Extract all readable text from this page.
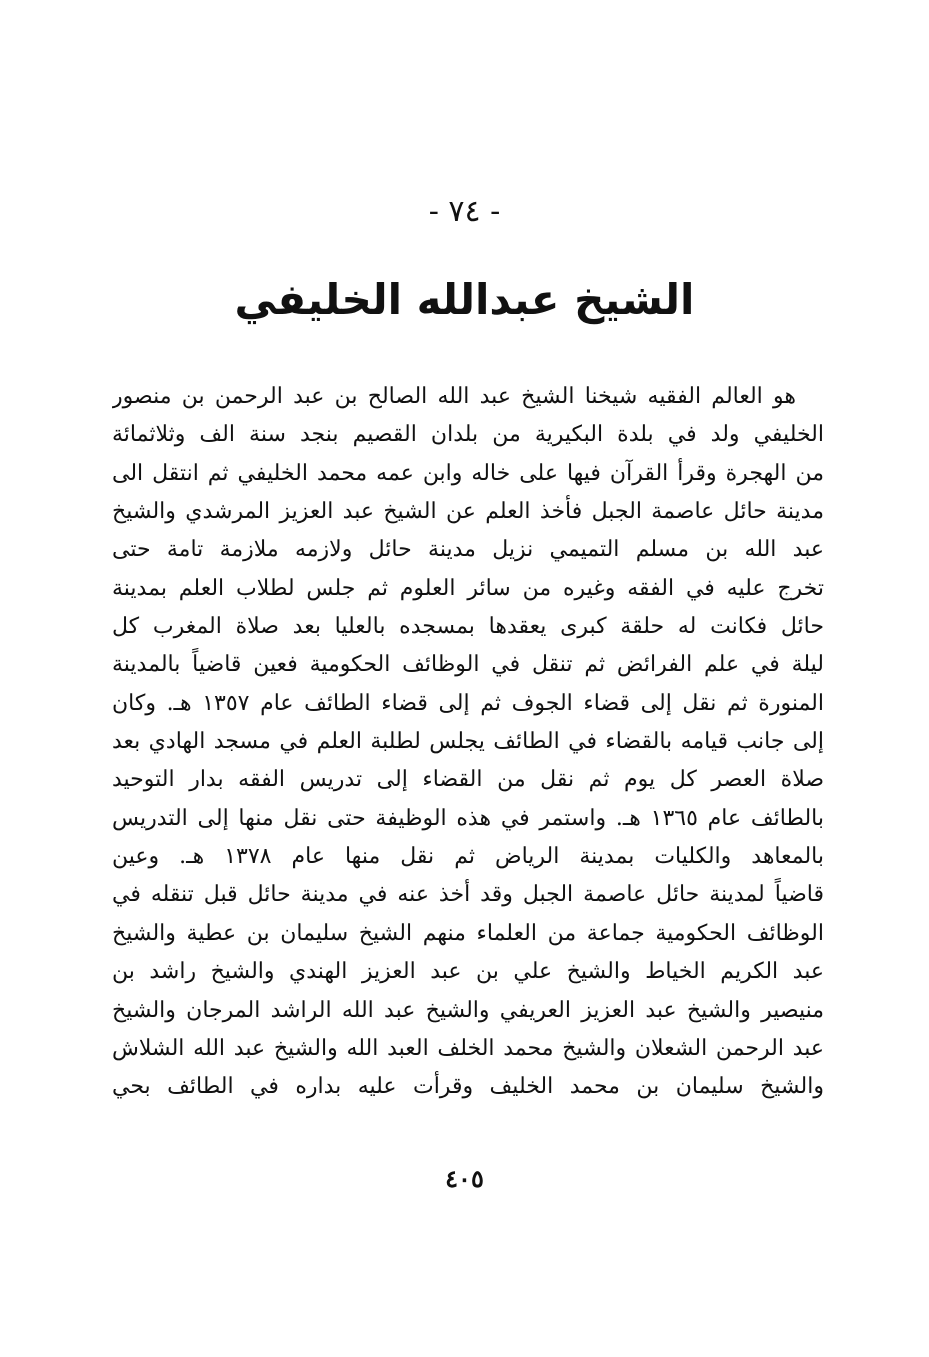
- ٧٤ -
الشيخ عبدالله الخليفي
هو العالم الفقيه شيخنا الشيخ عبد الله الصالح بن عبد الرحمن بن منصور
الخليفي ولد في بلدة البكيرية من بلدان القصيم بنجد سنة الف وثلاثمائة
من الهجرة وقرأ القرآن فيها على خاله وابن عمه محمد الخليفي ثم انتقل الى
مدينة حائل عاصمة الجبل فأخذ العلم عن الشيخ عبد العزيز المرشدي والشيخ
عبد الله بن مسلم التميمي نزيل مدينة حائل ولازمه ملازمة تامة حتى
تخرج عليه في الفقه وغيره من سائر العلوم ثم جلس لطلاب العلم بمدينة
حائل فكانت له حلقة كبرى يعقدها بمسجده بالعليا بعد صلاة المغرب كل
ليلة في علم الفرائض ثم تنقل في الوظائف الحكومية فعين قاضياً بالمدينة
المنورة ثم نقل إلى قضاء الجوف ثم إلى قضاء الطائف عام ١٣٥٧ هـ. وكان
إلى جانب قيامه بالقضاء في الطائف يجلس لطلبة العلم في مسجد الهادي بعد
صلاة العصر كل يوم ثم نقل من القضاء إلى تدريس الفقه بدار التوحيد
بالطائف عام ١٣٦٥ هـ. واستمر في هذه الوظيفة حتى نقل منها إلى التدريس
بالمعاهد والكليات بمدينة الرياض ثم نقل منها عام ١٣٧٨ هـ. وعين
قاضياً لمدينة حائل عاصمة الجبل وقد أخذ عنه في مدينة حائل قبل تنقله في
الوظائف الحكومية جماعة من العلماء منهم الشيخ سليمان بن عطية والشيخ
عبد الكريم الخياط والشيخ علي بن عبد العزيز الهندي والشيخ راشد بن
منيصير والشيخ عبد العزيز العريفي والشيخ عبد الله الراشد المرجان والشيخ
عبد الرحمن الشعلان والشيخ محمد الخلف العبد الله والشيخ عبد الله الشلاش
والشيخ سليمان بن محمد الخليف وقرأت عليه بداره في الطائف بحي
٤٠٥
